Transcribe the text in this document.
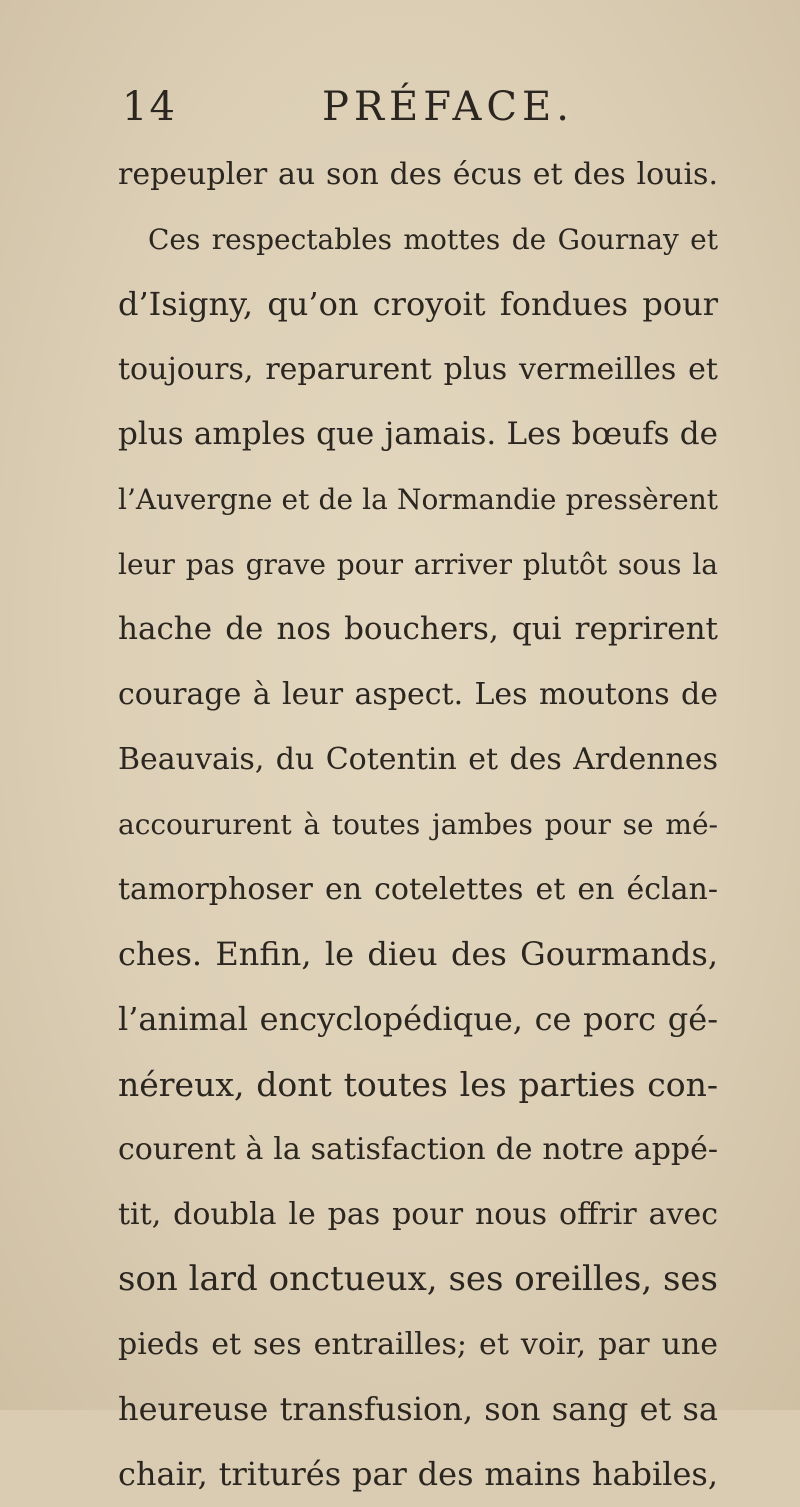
14	PRÉFACE.
repeupler au son des écus et des louis.
Ces respectables mottes de Gournay et
d’Isigny, qu’on croyoit fondues pour
toujours, reparurent plus vermeilles et
plus amples que jamais. Les bœufs de
l’Auvergne et de la Normandie pressèrent
leur pas grave pour arriver plutôt sous la
hache de nos bouchers, qui reprirent
courage à leur aspect. Les moutons de
Beauvais, du Cotentin et des Ardennes
accoururent à toutes jambes pour se mé-
tamorphoser en cotelettes et en éclan-
ches. Enfin, le dieu des Gourmands,
l’animal encyclopédique, ce porc gé-
néreux, dont toutes les parties con-
courent à la satisfaction de notre appé-
tit, doubla le pas pour nous offrir avec
son lard onctueux, ses oreilles, ses
pieds et ses entrailles; et voir, par une
heureuse transfusion, son sang et sa
chair, triturés par des mains habiles,
